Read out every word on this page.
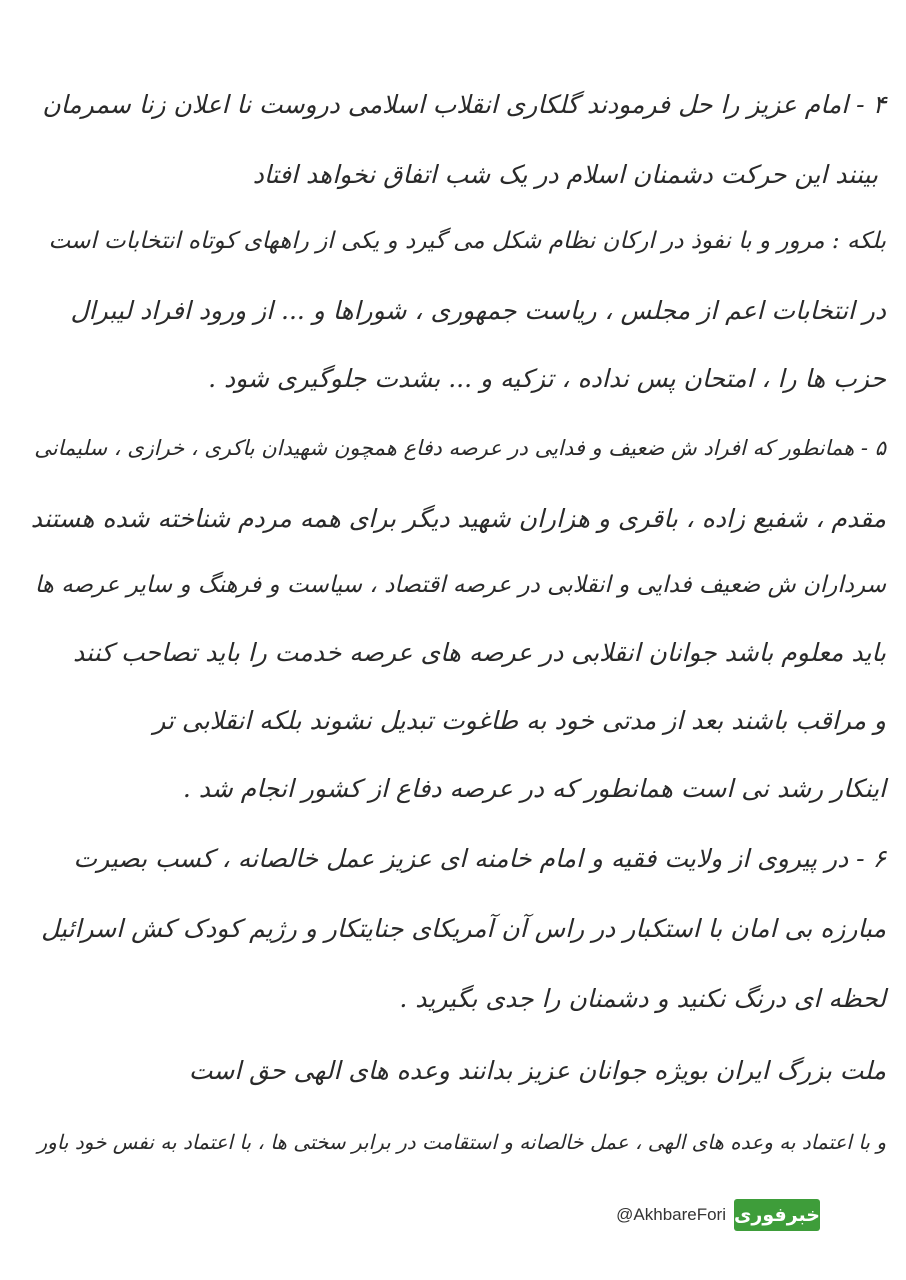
۴ - امام عزیز را حل فرمودند گلکاری انقلاب اسلامی دروست نا اعلان زنا سمرمان
بینند این حرکت دشمنان اسلام در یک شب اتفاق نخواهد افتاد
بلکه : مرور و با نفوذ در ارکان نظام شکل می گیرد و یکی از راههای کوتاه انتخابات است
در انتخابات اعم از مجلس ، ریاست جمهوری ، شوراها و ... از ورود افراد لیبرال
حزب ها را ، امتحان پس نداده ، تزکیه و ... بشدت جلوگیری شود .
۵ - همانطور که افراد ش ضعیف و فدایی در عرصه دفاع همچون شهیدان باکری ، خرازی ، سلیمانی
مقدم ، شفیع زاده ، باقری و هزاران شهید دیگر برای همه مردم شناخته شده هستند
سرداران ش ضعیف فدایی و انقلابی در عرصه اقتصاد ، سیاست و فرهنگ و سایر عرصه ها
باید معلوم باشد جوانان انقلابی در عرصه های عرصه خدمت را باید تصاحب کنند
و مراقب باشند بعد از مدتی خود به طاغوت تبدیل نشوند بلکه انقلابی تر
اینکار رشد نی است همانطور که در عرصه دفاع از کشور انجام شد .
۶ - در پیروی از ولایت فقیه و امام خامنه ای عزیز عمل خالصانه ، کسب بصیرت
مبارزه بی امان با استکبار در راس آن آمریکای جنایتکار و رژیم کودک کش اسرائیل
لحظه ای درنگ نکنید و دشمنان را جدی بگیرید .
ملت بزرگ ایران بویژه جوانان عزیز بدانند وعده های الهی حق است
و با اعتماد به وعده های الهی ، عمل خالصانه و استقامت در برابر سختی ها ، با اعتماد به نفس خود باور
@AkhbareFori خبرفوری
